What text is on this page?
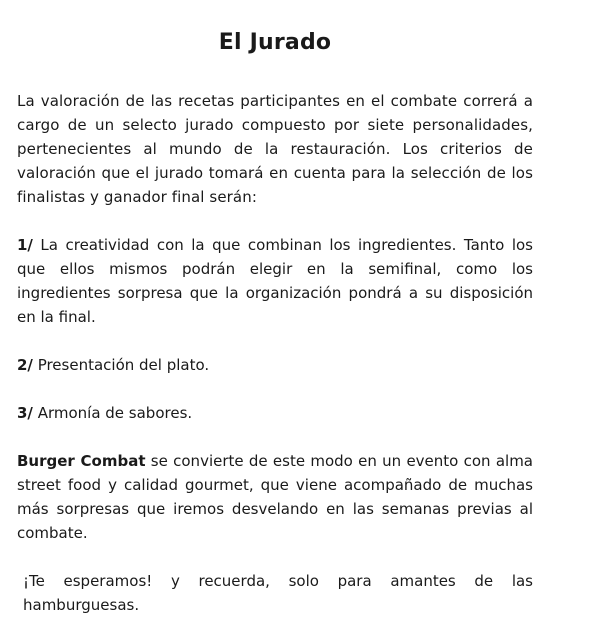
El Jurado

La valoración de las recetas participantes en el combate correrá a cargo de un selecto jurado compuesto por siete personalidades, pertenecientes al mundo de la restauración. Los criterios de valoración que el jurado tomará en cuenta para la selección de los finalistas y ganador final serán:

1/ La creatividad con la que combinan los ingredientes. Tanto los que ellos mismos podrán elegir en la semifinal, como los ingredientes sorpresa que la organización pondrá a su disposición en la final.

2/ Presentación del plato.

3/ Armonía de sabores.

Burger Combat se convierte de este modo en un evento con alma street food y calidad gourmet, que viene acompañado de muchas más sorpresas que iremos desvelando en las semanas previas al combate.

¡Te esperamos! y recuerda, solo para amantes de las hamburguesas.
